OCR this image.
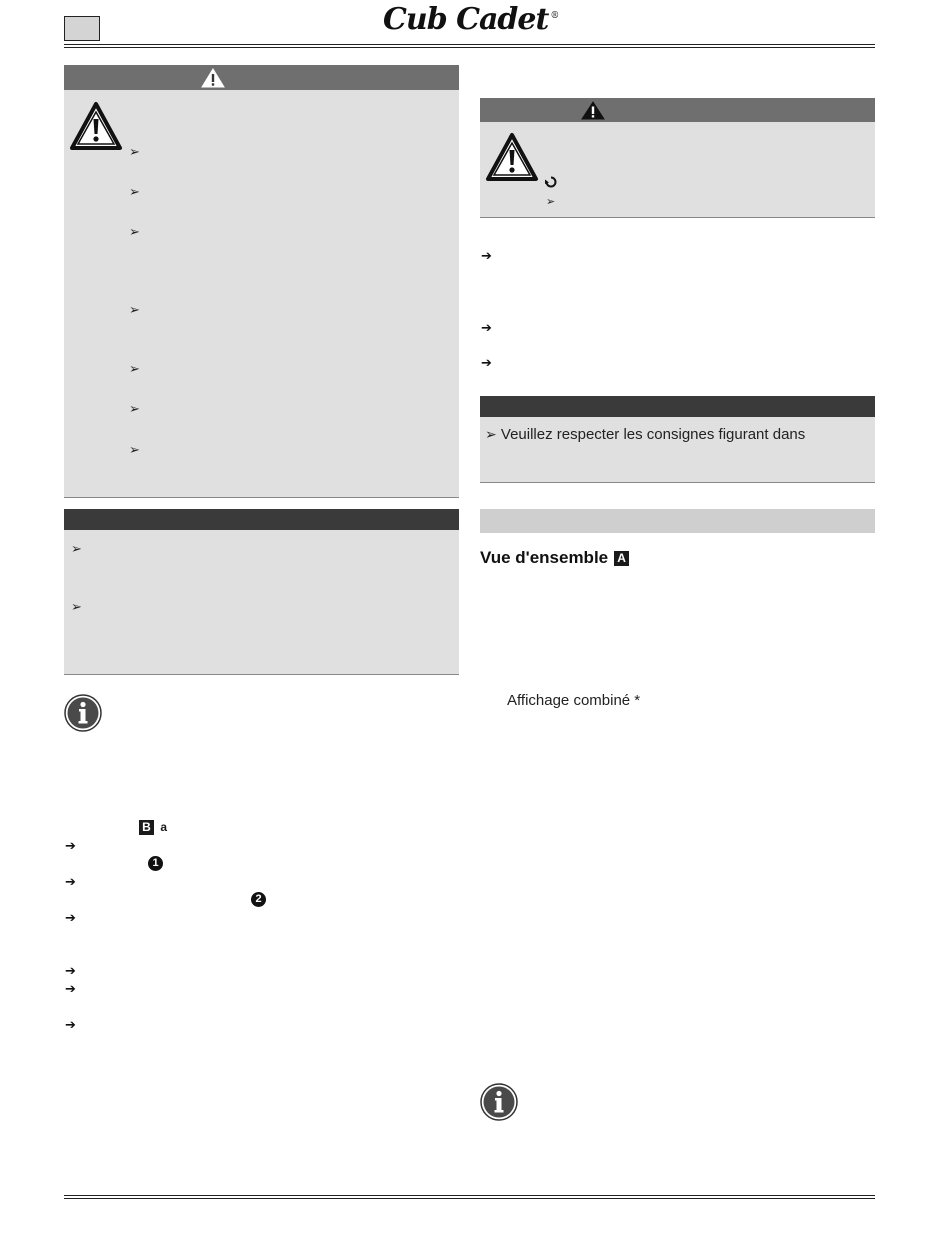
Cub Cadet ®
➢
➢
➢
➢
➢
➢
➢
➢
➢
B a
➔
1
➔
2
➔
➔
➔
➔
➢
➔
➔
➔
➢ Veuillez respecter les consignes figurant dans
Vue d'ensemble A
Affichage combiné *
